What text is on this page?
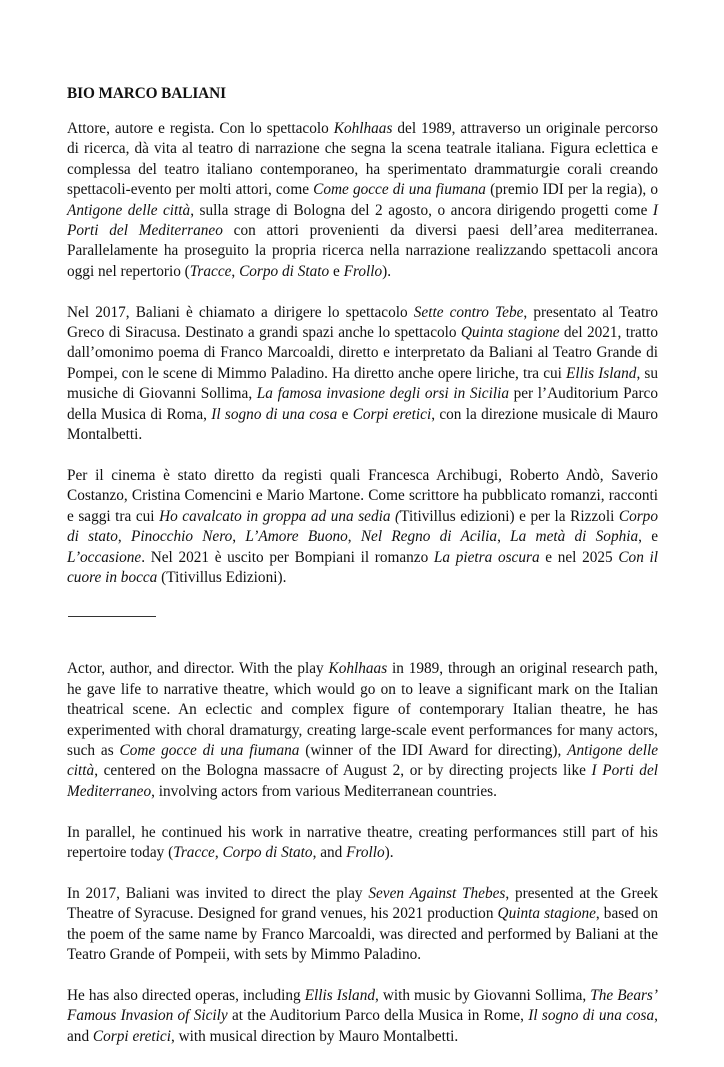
BIO MARCO BALIANI

Attore, autore e regista. Con lo spettacolo Kohlhaas del 1989, attraverso un originale percorso di ricerca, dà vita al teatro di narrazione che segna la scena teatrale italiana. Figura eclettica e complessa del teatro italiano contemporaneo, ha sperimentato drammaturgie corali creando spettacoli-evento per molti attori, come Come gocce di una fiumana (premio IDI per la regia), o Antigone delle città, sulla strage di Bologna del 2 agosto, o ancora dirigendo progetti come I Porti del Mediterraneo con attori provenienti da diversi paesi dell’area mediterranea. Parallelamente ha proseguito la propria ricerca nella narrazione realizzando spettacoli ancora oggi nel repertorio (Tracce, Corpo di Stato e Frollo).

Nel 2017, Baliani è chiamato a dirigere lo spettacolo Sette contro Tebe, presentato al Teatro Greco di Siracusa. Destinato a grandi spazi anche lo spettacolo Quinta stagione del 2021, tratto dall’omonimo poema di Franco Marcoaldi, diretto e interpretato da Baliani al Teatro Grande di Pompei, con le scene di Mimmo Paladino. Ha diretto anche opere liriche, tra cui Ellis Island, su musiche di Giovanni Sollima, La famosa invasione degli orsi in Sicilia per l’Auditorium Parco della Musica di Roma, Il sogno di una cosa e Corpi eretici, con la direzione musicale di Mauro Montalbetti.

Per il cinema è stato diretto da registi quali Francesca Archibugi, Roberto Andò, Saverio Costanzo, Cristina Comencini e Mario Martone. Come scrittore ha pubblicato romanzi, racconti e saggi tra cui Ho cavalcato in groppa ad una sedia (Titivillus edizioni) e per la Rizzoli Corpo di stato, Pinocchio Nero, L’Amore Buono, Nel Regno di Acilia, La metà di Sophia, e L’occasione. Nel 2021 è uscito per Bompiani il romanzo La pietra oscura e nel 2025 Con il cuore in bocca (Titivillus Edizioni).

Actor, author, and director. With the play Kohlhaas in 1989, through an original research path, he gave life to narrative theatre, which would go on to leave a significant mark on the Italian theatrical scene. An eclectic and complex figure of contemporary Italian theatre, he has experimented with choral dramaturgy, creating large-scale event performances for many actors, such as Come gocce di una fiumana (winner of the IDI Award for directing), Antigone delle città, centered on the Bologna massacre of August 2, or by directing projects like I Porti del Mediterraneo, involving actors from various Mediterranean countries.

In parallel, he continued his work in narrative theatre, creating performances still part of his repertoire today (Tracce, Corpo di Stato, and Frollo).

In 2017, Baliani was invited to direct the play Seven Against Thebes, presented at the Greek Theatre of Syracuse. Designed for grand venues, his 2021 production Quinta stagione, based on the poem of the same name by Franco Marcoaldi, was directed and performed by Baliani at the Teatro Grande of Pompeii, with sets by Mimmo Paladino.

He has also directed operas, including Ellis Island, with music by Giovanni Sollima, The Bears’ Famous Invasion of Sicily at the Auditorium Parco della Musica in Rome, Il sogno di una cosa, and Corpi eretici, with musical direction by Mauro Montalbetti.
